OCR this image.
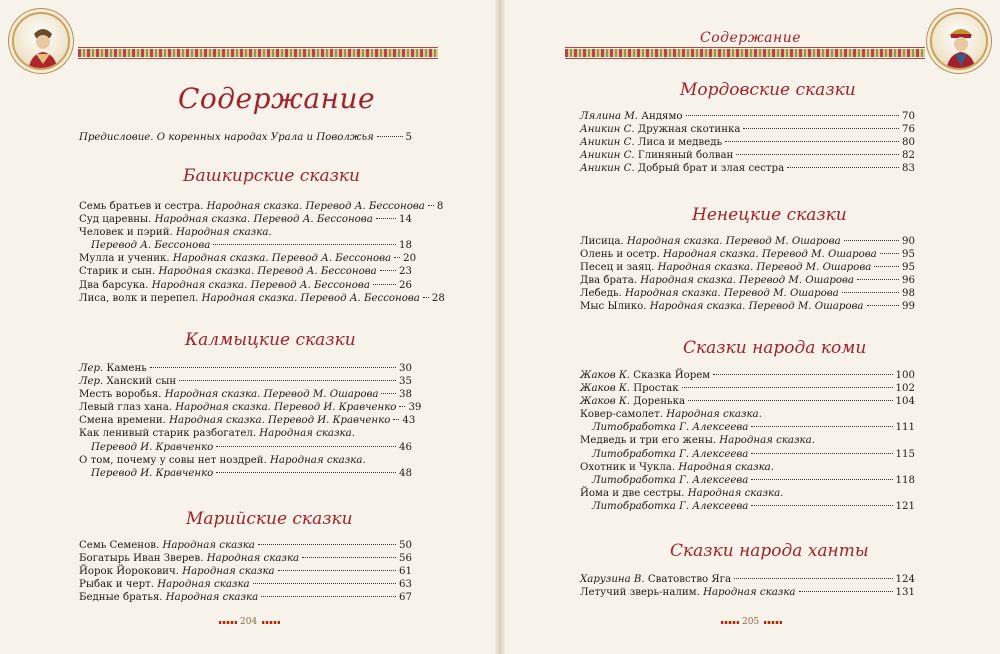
Содержание
Содержание
Предисловие. О коренных народах Урала и Поволжья	5
Башкирские сказки
Семь братьев и сестра. Народная сказка. Перевод А. Бессонова 8
Суд царевны. Народная сказка. Перевод А. Бессонова	14
Человек и пэрий. Народная сказка.
Перевод А. Бессонова	18
Мулла и ученик. Народная сказка. Перевод А. Бессонова 20
Старик и сын. Народная сказка. Перевод А. Бессонова 23
Два барсука. Народная сказка. Перевод А. Бессонова	26
Лиса, волк и перепел. Народная сказка. Перевод А. Бессонова 28
Калмыцкие сказки
Лер. Камень	30
Лер. Ханский сын	35
Месть воробья. Народная сказка. Перевод М. Ошарова 38
Левый глаз хана. Народная сказка. Перевод И. Кравченко 39
Смена времени. Народная сказка. Перевод И. Кравченко 43
Как ленивый старик разбогател. Народная сказка.
Перевод И. Кравченко	46
О том, почему у совы нет ноздрей. Народная сказка.
Перевод И. Кравченко	48
Марийские сказки
Семь Семенов. Народная сказка	50
Богатырь Иван Зверев. Народная сказка	56
Йорок Йорокович. Народная сказка	61
Рыбак и черт. Народная сказка	63
Бедные братья. Народная сказка	67
204
Мордовские сказки
Лялина М. Андямо	70
Аникин С. Дружная скотинка	76
Аникин С. Лиса и медведь	80
Аникин С. Глиняный болван	82
Аникин С. Добрый брат и злая сестра	83
Ненецкие сказки
Лисица. Народная сказка. Перевод М. Ошарова	90
Олень и осетр. Народная сказка. Перевод М. Ошарова 95
Песец и заяц. Народная сказка. Перевод М. Ошарова	95
Два брата. Народная сказка. Перевод М. Ошарова	96
Лебедь. Народная сказка. Перевод М. Ошарова	98
Мыс Ылико. Народная сказка. Перевод М. Ошарова	99
Сказки народа коми
Жаков К. Сказка Йорем	100
Жаков К. Простак	102
Жаков К. Доренька	104
Ковер-самолет. Народная сказка.
Литобработка Г. Алексеева	111
Медведь и три его жены. Народная сказка.
Литобработка Г. Алексеева	115
Охотник и Чукла. Народная сказка.
Литобработка Г. Алексеева	118
Йома и две сестры. Народная сказка.
Литобработка Г. Алексеева	121
Сказки народа ханты
Харузина В. Сватовство Ягa	124
Летучий зверь-налим. Народная сказка	131
205
